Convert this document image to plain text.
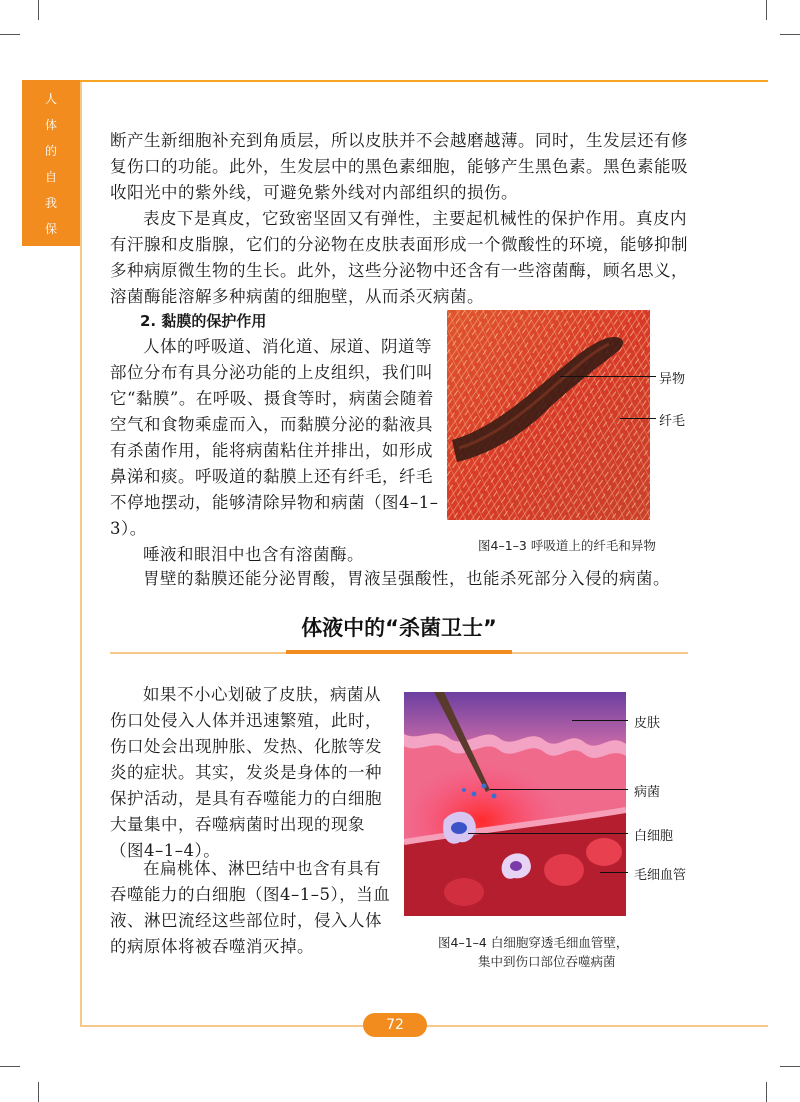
人
体
的
自
我
保
护

断产生新细胞补充到角质层，所以皮肤并不会越磨越薄。同时，生发层还有修复伤口的功能。此外，生发层中的黑色素细胞，能够产生黑色素。黑色素能吸收阳光中的紫外线，可避免紫外线对内部组织的损伤。

表皮下是真皮，它致密坚固又有弹性，主要起机械性的保护作用。真皮内有汗腺和皮脂腺，它们的分泌物在皮肤表面形成一个微酸性的环境，能够抑制多种病原微生物的生长。此外，这些分泌物中还含有一些溶菌酶，顾名思义，溶菌酶能溶解多种病菌的细胞壁，从而杀灭病菌。

2. 黏膜的保护作用

人体的呼吸道、消化道、尿道、阴道等部位分布有具分泌功能的上皮组织，我们叫它“黏膜”。在呼吸、摄食等时，病菌会随着空气和食物乘虚而入，而黏膜分泌的黏液具有杀菌作用，能将病菌粘住并排出，如形成鼻涕和痰。呼吸道的黏膜上还有纤毛，纤毛不停地摆动，能够清除异物和病菌（图4–1–3）。

唾液和眼泪中也含有溶菌酶。

胃壁的黏膜还能分泌胃酸，胃液呈强酸性，也能杀死部分入侵的病菌。

异物
纤毛
图4–1–3 呼吸道上的纤毛和异物
体液中的“杀菌卫士”

如果不小心划破了皮肤，病菌从伤口处侵入人体并迅速繁殖，此时，伤口处会出现肿胀、发热、化脓等发炎的症状。其实，发炎是身体的一种保护活动，是具有吞噬能力的白细胞大量集中，吞噬病菌时出现的现象（图4–1–4）。

在扁桃体、淋巴结中也含有具有吞噬能力的白细胞（图4–1–5），当血液、淋巴流经这些部位时，侵入人体的病原体将被吞噬消灭掉。

皮肤
病菌
白细胞
毛细血管
图4–1–4 白细胞穿透毛细血管壁，
集中到伤口部位吞噬病菌
72
